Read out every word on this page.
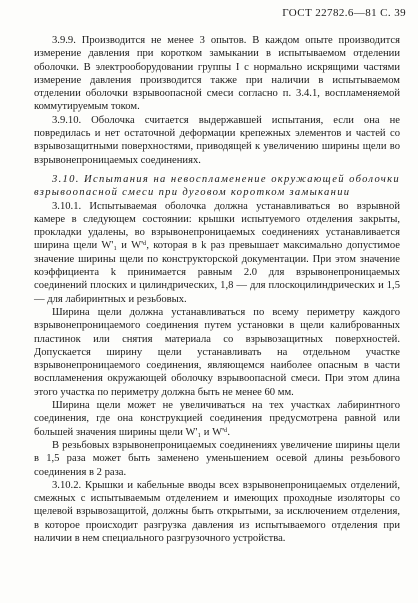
ГОСТ 22782.6—81 С. 39

3.9.9. Производится не менее 3 опытов. В каждом опыте производится измерение давления при коротком замыкании в испытываемом отделении оболочки. В электрооборудовании группы I с нормально искрящими частями измерение давления производится также при наличии в испытываемом отделении оболочки взрывоопасной смеси согласно п. 3.4.1, воспламеняемой коммутируемым током.

3.9.10. Оболочка считается выдержавшей испытания, если она не повредилась и нет остаточной деформации крепежных элементов и частей со взрывозащитными поверхностями, приводящей к увеличению ширины щели во взрывонепроницаемых соединениях.

3.10. Испытания на невоспламенение окружающей оболочки взрывоопасной смеси при дуговом коротком замыкании

3.10.1. Испытываемая оболочка должна устанавливаться во взрывной камере в следующем состоянии: крышки испытуемого отделения закрыты, прокладки удалены, во взрывонепроницаемых соединениях устанавливается ширина щели W'₁ и W'ᵈ, которая в k раз превышает максимально допустимое значение ширины щели по конструкторской документации. При этом значение коэффициента k принимается равным 2.0 для взрывонепроницаемых соединений плоских и цилиндрических, 1,8 — для плоскоцилиндрических и 1,5 — для лабиринтных и резьбовых.

Ширина щели должна устанавливаться по всему периметру каждого взрывонепроницаемого соединения путем установки в щели калиброванных пластинок или снятия материала со взрывозащитных поверхностей. Допускается ширину щели устанавливать на отдельном участке взрывонепроницаемого соединения, являющемся наиболее опасным в части воспламенения окружающей оболочку взрывоопасной смеси. При этом длина этого участка по периметру должна быть не менее 60 мм.

Ширина щели может не увеличиваться на тех участках лабиринтного соединения, где она конструкцией соединения предусмотрена равной или большей значения ширины щели W'₁ и W'ᵈ.

В резьбовых взрывонепроницаемых соединениях увеличение ширины щели в 1,5 раза может быть заменено уменьшением осевой длины резьбового соединения в 2 раза.

3.10.2. Крышки и кабельные вводы всех взрывонепроницаемых отделений, смежных с испытываемым отделением и имеющих проходные изоляторы со щелевой взрывозащитой, должны быть открытыми, за исключением отделения, в которое происходит разгрузка давления из испытываемого отделения при наличии в нем специального разгрузочного устройства.
